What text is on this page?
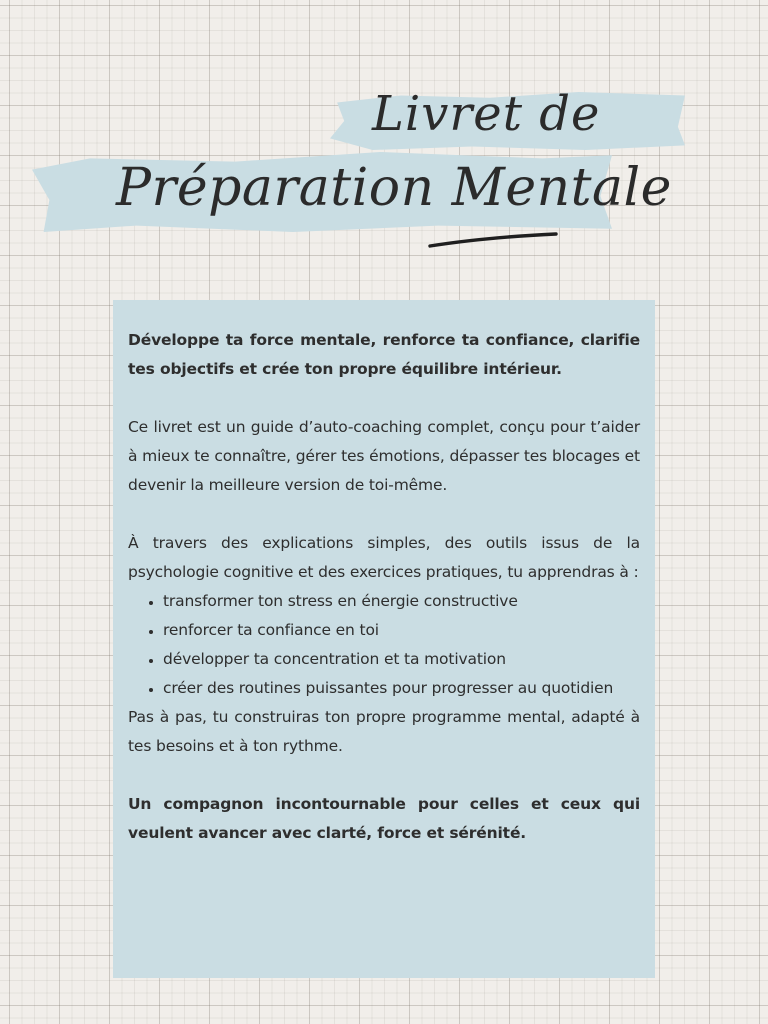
Livret de
Préparation Mentale

Développe ta force mentale, renforce ta confiance, clarifie tes objectifs et crée ton propre équilibre intérieur.

Ce livret est un guide d’auto-coaching complet, conçu pour t’aider à mieux te connaître, gérer tes émotions, dépasser tes blocages et devenir la meilleure version de toi-même.

À travers des explications simples, des outils issus de la psychologie cognitive et des exercices pratiques, tu apprendras à :

• transformer ton stress en énergie constructive
• renforcer ta confiance en toi
• développer ta concentration et ta motivation
• créer des routines puissantes pour progresser au quotidien

Pas à pas, tu construiras ton propre programme mental, adapté à tes besoins et à ton rythme.

Un compagnon incontournable pour celles et ceux qui veulent avancer avec clarté, force et sérénité.
